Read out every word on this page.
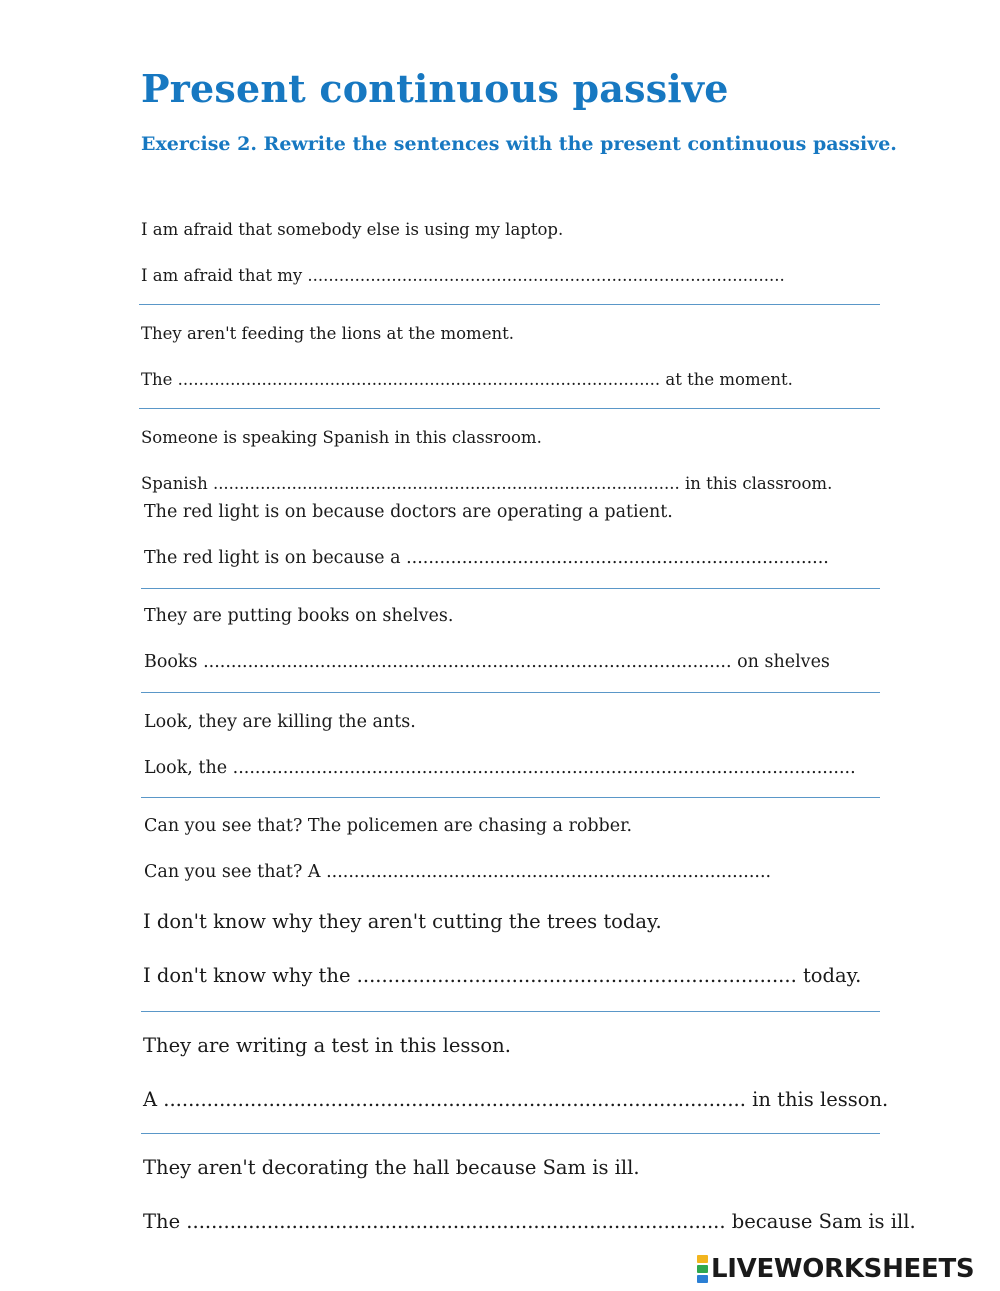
Present continuous passive
Exercise 2. Rewrite the sentences with the present continuous passive.
I am afraid that somebody else is using my laptop.
I am afraid that my ...........................................................................................
They aren't feeding the lions at the moment.
The ............................................................................................ at the moment.
Someone is speaking Spanish in this classroom.
Spanish ......................................................................................... in this classroom.
The red light is on because doctors are operating a patient.
The red light is on because a ............................................................................
They are putting books on shelves.
Books ............................................................................................... on shelves
Look, they are killing the ants.
Look, the ................................................................................................................
Can you see that? The policemen are chasing a robber.
Can you see that? A ................................................................................
I don't know why they aren't cutting the trees today.
I don't know why the ....................................................................... today.
They are writing a test in this lesson.
A .............................................................................................. in this lesson.
They aren't decorating the hall because Sam is ill.
The ....................................................................................... because Sam is ill.
LIVEWORKSHEETS
